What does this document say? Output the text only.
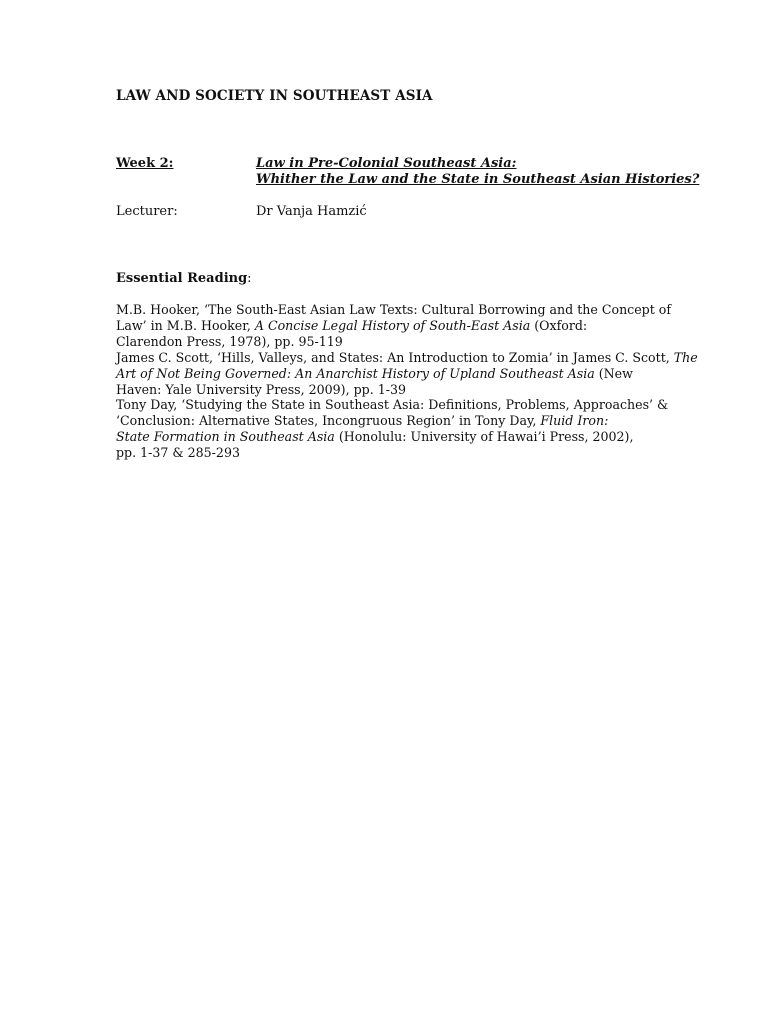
LAW AND SOCIETY IN SOUTHEAST ASIA
Week 2:	Law in Pre-Colonial Southeast Asia:
Whither the Law and the State in Southeast Asian Histories?
Lecturer:	Dr Vanja Hamzić
Essential Reading:
M.B. Hooker, ‘The South-East Asian Law Texts: Cultural Borrowing and the Concept of
Law’ in M.B. Hooker, A Concise Legal History of South-East Asia (Oxford:
Clarendon Press, 1978), pp. 95-119
James C. Scott, ‘Hills, Valleys, and States: An Introduction to Zomia’ in James C. Scott, The
Art of Not Being Governed: An Anarchist History of Upland Southeast Asia (New
Haven: Yale University Press, 2009), pp. 1-39
Tony Day, ‘Studying the State in Southeast Asia: Definitions, Problems, Approaches’ &
‘Conclusion: Alternative States, Incongruous Region’ in Tony Day, Fluid Iron:
State Formation in Southeast Asia (Honolulu: University of Hawai’i Press, 2002),
pp. 1-37 & 285-293
